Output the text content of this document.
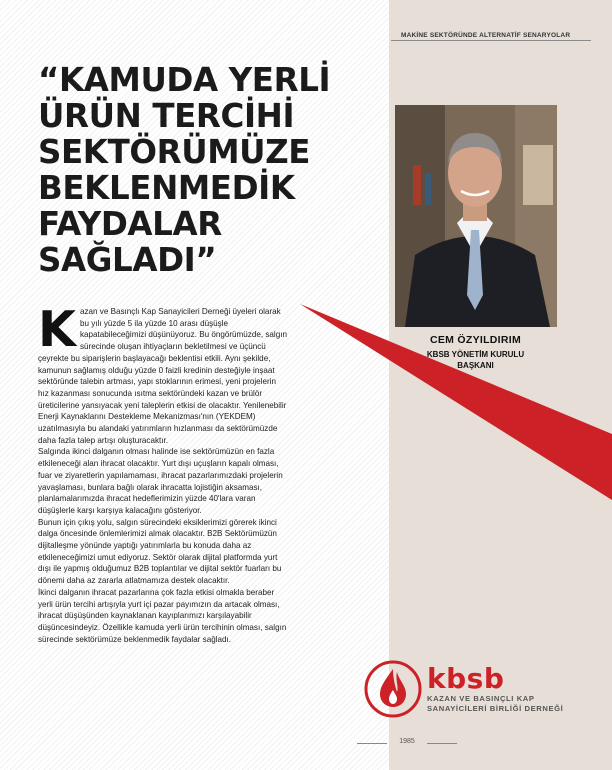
MAKİNE SEKTÖRÜNDE ALTERNATİF SENARYOLAR
“KAMUDA YERLİ ÜRÜN TERCİHİ SEKTÖRÜMÜZE BEKLENMEDİK FAYDALAR SAĞLADI”
CEM ÖZYILDIRIM
KBSB YÖNETİM KURULU
BAŞKANI

Kazan ve Basınçlı Kap Sanayicileri Derneği üyeleri olarak bu yılı yüzde 5 ila yüzde 10 arası düşüşle kapatabileceğimizi düşünüyoruz. Bu öngörümüzde, salgın sürecinde oluşan ihtiyaçların bekletilmesi ve üçüncü çeyrekte bu siparişlerin başlayacağı beklentisi etkili. Aynı şekilde, kamunun sağlamış olduğu yüzde 0 faizli kredinin desteğiyle inşaat sektöründe talebin artması, yapı stoklarının erimesi, yeni projelerin hız kazanması sonucunda ısıtma sektöründeki kazan ve brülör üreticilerine yansıyacak yeni taleplerin etkisi de olacaktır. Yenilenebilir Enerji Kaynaklarını Destekleme Mekanizması'nın (YEKDEM) uzatılmasıyla bu alandaki yatırımların hızlanması da sektörümüzde daha fazla talep artışı oluşturacaktır.

Salgında ikinci dalganın olması halinde ise sektörümüzün en fazla etkileneceği alan ihracat olacaktır. Yurt dışı uçuşların kapalı olması, fuar ve ziyaretlerin yapılamaması, ihracat pazarlarımızdaki projelerin yavaşlaması, bunlara bağlı olarak ihracatta lojistiğin aksaması, planlamalarımızda ihracat hedeflerimizin yüzde 40'lara varan düşüşlerle karşı karşıya kalacağını gösteriyor.

Bunun için çıkış yolu, salgın sürecindeki eksiklerimizi görerek ikinci dalga öncesinde önlemlerimizi almak olacaktır. B2B Sektörümüzün dijitalleşme yönünde yaptığı yatırımlarla bu konuda daha az etkileneceğimizi umut ediyoruz. Sektör olarak dijital platformda yurt dışı ile yapmış olduğumuz B2B toplantılar ve dijital sektör fuarları bu dönemi daha az zararla atlatmamıza destek olacaktır.

İkinci dalganın ihracat pazarlarına çok fazla etkisi olmakla beraber yerli ürün tercihi artışıyla yurt içi pazar payımızın da artacak olması, ihracat düşüşünden kaynaklanan kayıplarımızı karşılayabilir düşüncesindeyiz. Özellikle kamuda yerli ürün tercihinin olması, salgın sürecinde sektörümüze beklenmedik faydalar sağladı.

kbsb
KAZAN VE BASINÇLI KAP
SANAYİCİLERİ BİRLİĞİ DERNEĞİ
1985
